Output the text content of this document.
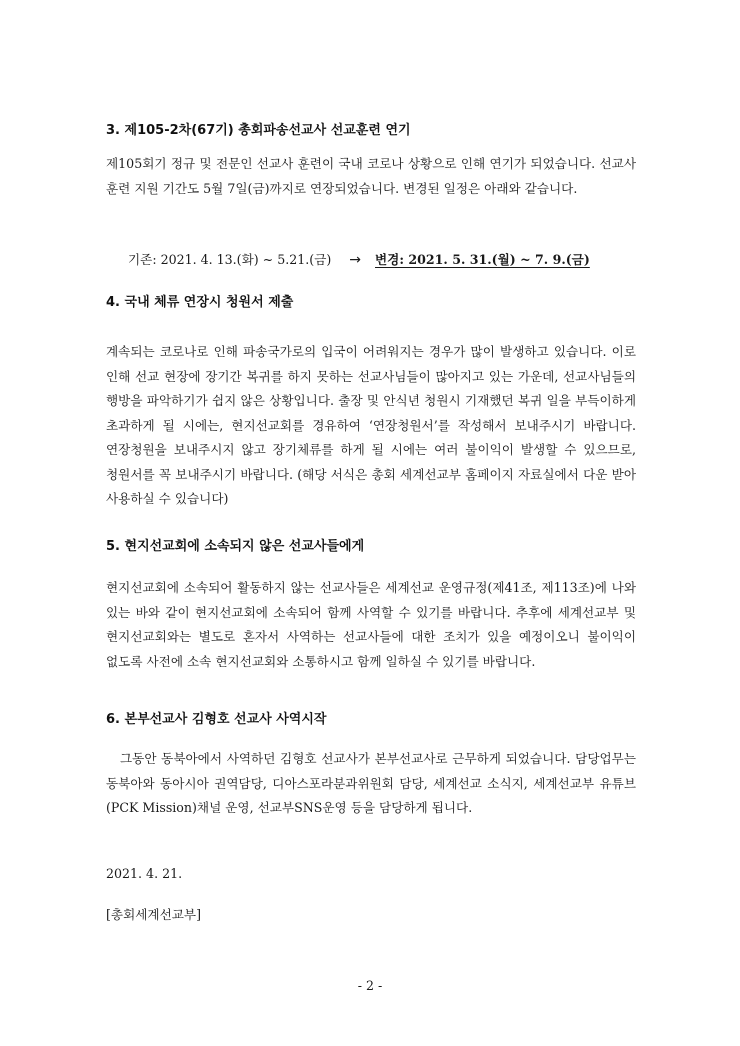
3. 제105-2차(67기) 총회파송선교사 선교훈련 연기
제105회기 정규 및 전문인 선교사 훈련이 국내 코로나 상황으로 인해 연기가 되었습니다. 선교사 훈련 지원 기간도 5월 7일(금)까지로 연장되었습니다. 변경된 일정은 아래와 같습니다.
기존: 2021. 4. 13.(화) ~ 5.21.(금) → 변경: 2021. 5. 31.(월) ~ 7. 9.(금)
4. 국내 체류 연장시 청원서 제출
계속되는 코로나로 인해 파송국가로의 입국이 어려워지는 경우가 많이 발생하고 있습니다. 이로 인해 선교 현장에 장기간 복귀를 하지 못하는 선교사님들이 많아지고 있는 가운데, 선교사님들의 행방을 파악하기가 쉽지 않은 상황입니다. 출장 및 안식년 청원시 기재했던 복귀 일을 부득이하게 초과하게 될 시에는, 현지선교회를 경유하여 ‘연장청원서’를 작성해서 보내주시기 바랍니다. 연장청원을 보내주시지 않고 장기체류를 하게 될 시에는 여러 불이익이 발생할 수 있으므로, 청원서를 꼭 보내주시기 바랍니다. (해당 서식은 총회 세계선교부 홈페이지 자료실에서 다운 받아 사용하실 수 있습니다)
5. 현지선교회에 소속되지 않은 선교사들에게
현지선교회에 소속되어 활동하지 않는 선교사들은 세계선교 운영규정(제41조, 제113조)에 나와 있는 바와 같이 현지선교회에 소속되어 함께 사역할 수 있기를 바랍니다. 추후에 세계선교부 및 현지선교회와는 별도로 혼자서 사역하는 선교사들에 대한 조치가 있을 예정이오니 불이익이 없도록 사전에 소속 현지선교회와 소통하시고 함께 일하실 수 있기를 바랍니다.
6. 본부선교사 김형호 선교사 사역시작
그동안 동북아에서 사역하던 김형호 선교사가 본부선교사로 근무하게 되었습니다. 담당업무는 동북아와 동아시아 권역담당, 디아스포라분과위원회 담당, 세계선교 소식지, 세계선교부 유튜브(PCK Mission)채널 운영, 선교부SNS운영 등을 담당하게 됩니다.
2021. 4. 21.
[총회세계선교부]
- 2 -
